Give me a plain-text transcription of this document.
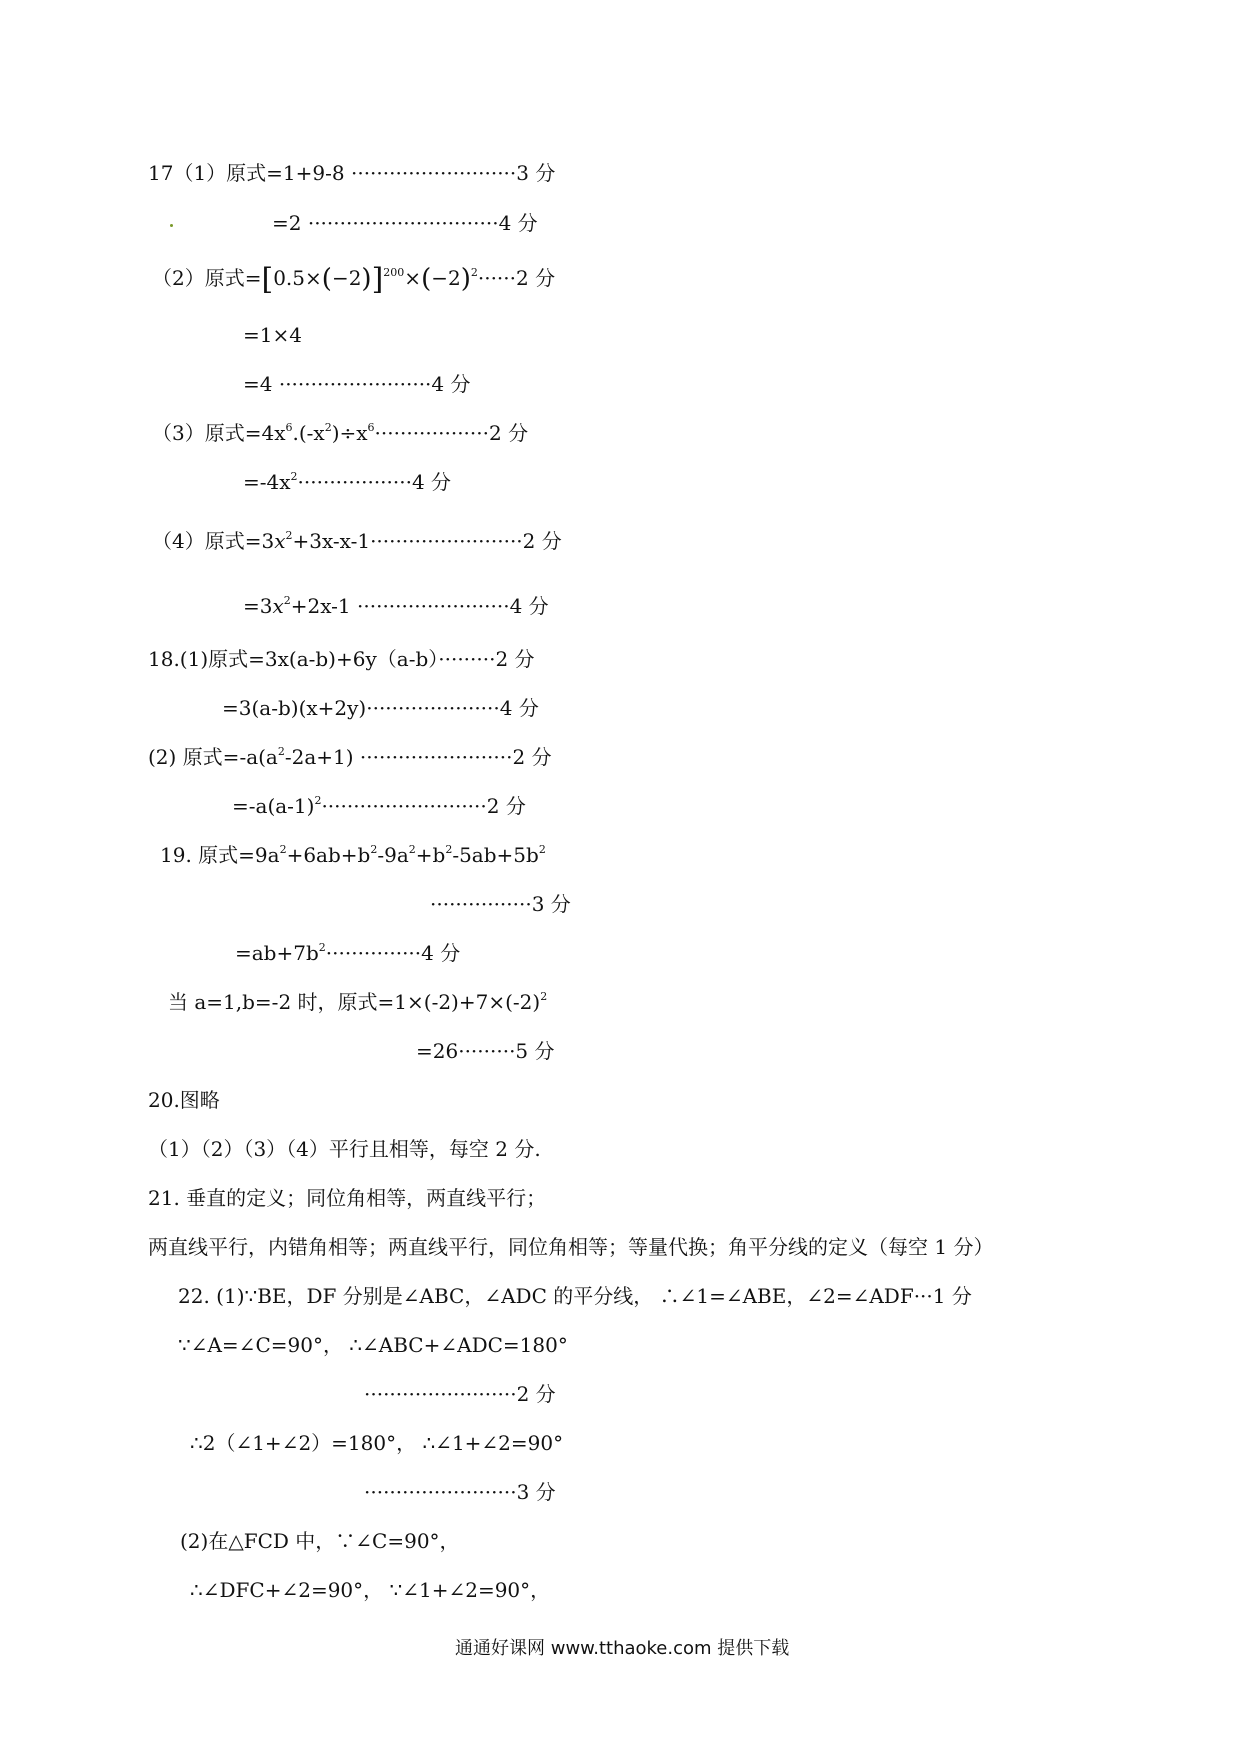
17（1）原式=1+9-8 ··························3 分
=2 ······························4 分
（2）原式$=[0.5\times(-2)]^{200}\times(-2)^2\cdot\cdot\cdot\cdot\cdot\cdot 2$ 分
=1×4
=4 ························4 分
（3）原式$=4x^6.(-x^2)\div x^6\cdot\cdot\cdot\cdot\cdot\cdot\cdot\cdot\cdot\cdot\cdot\cdot\cdot\cdot\cdot\cdot\cdot\cdot 2$ 分
$=-4x^2\cdot\cdot\cdot\cdot\cdot\cdot\cdot\cdot\cdot\cdot\cdot\cdot\cdot\cdot\cdot\cdot\cdot\cdot 4$ 分
（4）原式$=3x^2+3x-x-1\cdot\cdot\cdot\cdot\cdot\cdot\cdot\cdot\cdot\cdot\cdot\cdot\cdot\cdot\cdot\cdot\cdot\cdot\cdot\cdot\cdot\cdot\cdot\cdot 2$ 分
$=3x^2+2x-1 \cdot\cdot\cdot\cdot\cdot\cdot\cdot\cdot\cdot\cdot\cdot\cdot\cdot\cdot\cdot\cdot\cdot\cdot\cdot\cdot\cdot\cdot\cdot\cdot 4$ 分
18.(1)原式=3x(a-b)+6y（a-b）·········2 分
=3(a-b)(x+2y)·····················4 分
(2) 原式$=-a(a^2-2a+1) \cdot\cdot\cdot\cdot\cdot\cdot\cdot\cdot\cdot\cdot\cdot\cdot\cdot\cdot\cdot\cdot\cdot\cdot\cdot\cdot\cdot\cdot\cdot\cdot 2$ 分
$=-a(a-1)^2\cdot\cdot\cdot\cdot\cdot\cdot\cdot\cdot\cdot\cdot\cdot\cdot\cdot\cdot\cdot\cdot\cdot\cdot\cdot\cdot\cdot\cdot\cdot\cdot\cdot\cdot 2$ 分
19. 原式$=9a^2+6ab+b^2-9a^2+b^2-5ab+5b^2$
················3 分
$=ab+7b^2\cdot\cdot\cdot\cdot\cdot\cdot\cdot\cdot\cdot\cdot\cdot\cdot\cdot\cdot\cdot 4$ 分
当 a=1,b=-2 时，原式$=1\times(-2)+7\times(-2)^2$
=26·········5 分
20.图略
（1）（2）（3）（4）平行且相等，每空 2 分.
21. 垂直的定义；同位角相等，两直线平行；
两直线平行，内错角相等；两直线平行，同位角相等；等量代换；角平分线的定义（每空 1 分）
22. (1)∵BE，DF 分别是∠ABC，∠ADC 的平分线， ∴∠1=∠ABE，∠2=∠ADF···1 分
∵∠A=∠C=90°， ∴∠ABC+∠ADC=180°
························2 分
∴2（∠1+∠2）=180°， ∴∠1+∠2=90°
························3 分
(2)在△FCD 中，∵∠C=90°，
∴∠DFC+∠2=90°， ∵∠1+∠2=90°，
通通好课网 www.tthaoke.com 提供下载
